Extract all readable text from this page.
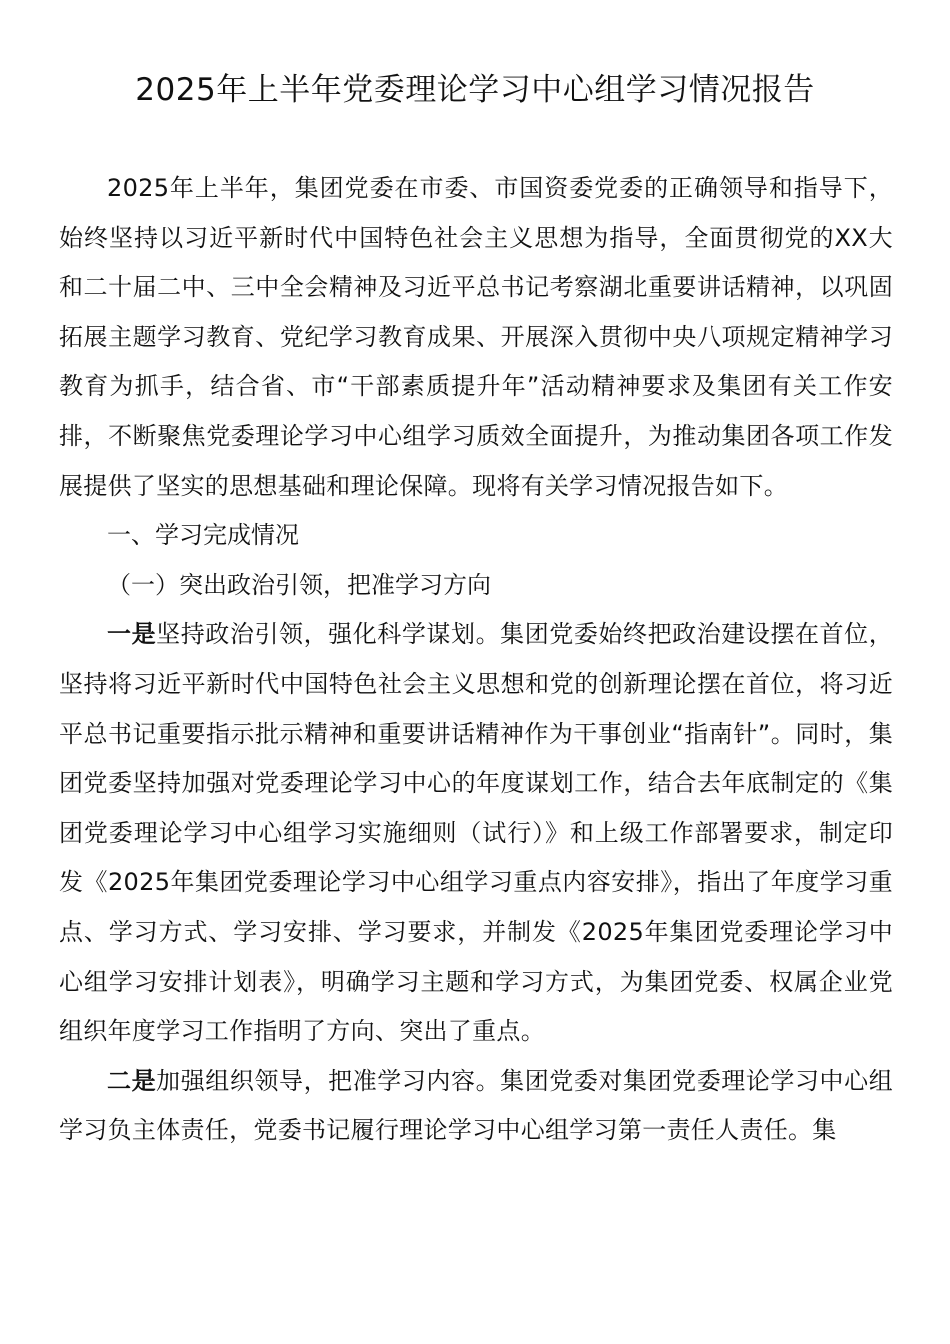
2025年上半年党委理论学习中心组学习情况报告

2025年上半年，集团党委在市委、市国资委党委的正确领导和指导下，始终坚持以习近平新时代中国特色社会主义思想为指导，全面贯彻党的XX大和二十届二中、三中全会精神及习近平总书记考察湖北重要讲话精神，以巩固拓展主题学习教育、党纪学习教育成果、开展深入贯彻中央八项规定精神学习教育为抓手，结合省、市“干部素质提升年”活动精神要求及集团有关工作安排，不断聚焦党委理论学习中心组学习质效全面提升，为推动集团各项工作发展提供了坚实的思想基础和理论保障。现将有关学习情况报告如下。

一、学习完成情况

（一）突出政治引领，把准学习方向

一是坚持政治引领，强化科学谋划。集团党委始终把政治建设摆在首位，坚持将习近平新时代中国特色社会主义思想和党的创新理论摆在首位，将习近平总书记重要指示批示精神和重要讲话精神作为干事创业“指南针”。同时，集团党委坚持加强对党委理论学习中心的年度谋划工作，结合去年底制定的《集团党委理论学习中心组学习实施细则（试行）》和上级工作部署要求，制定印发《2025年集团党委理论学习中心组学习重点内容安排》，指出了年度学习重点、学习方式、学习安排、学习要求，并制发《2025年集团党委理论学习中心组学习安排计划表》，明确学习主题和学习方式，为集团党委、权属企业党组织年度学习工作指明了方向、突出了重点。

二是加强组织领导，把准学习内容。集团党委对集团党委理论学习中心组学习负主体责任，党委书记履行理论学习中心组学习第一责任人责任。集
